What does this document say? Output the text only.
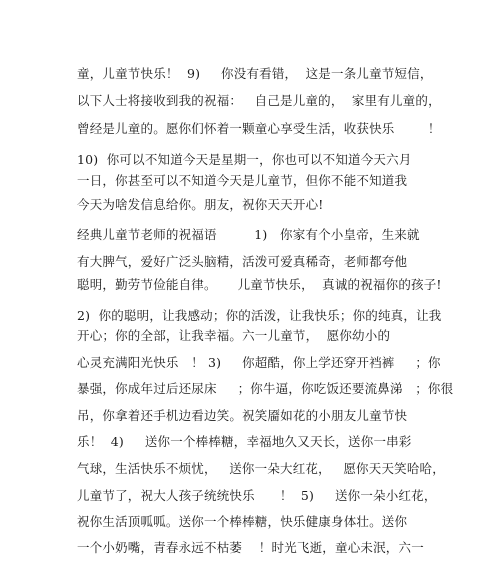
童，儿童节快乐！  9)     你没有看错，  这是一条儿童节短信，
以下人士将接收到我的祝福：   自己是儿童的，  家里有儿童的，
曾经是儿童的。愿你们怀着一颗童心享受生活，收获快乐        ！
10)  你可以不知道今天是星期一，你也可以不知道今天六月
一日，你甚至可以不知道今天是儿童节，但你不能不知道我
今天为啥发信息给你。朋友，祝你天天开心!
经典儿童节老师的祝福语         1)   你家有个小皇帝，生来就
有大脾气，爱好广泛头脑精，活泼可爱真稀奇，老师都夸他
聪明，勤劳节俭能自律。     儿童节快乐，  真诚的祝福你的孩子!
2)  你的聪明，让我感动；你的活泼，让我快乐；你的纯真，让我
开心；你的全部，让我幸福。六一儿童节，  愿你幼小的
心灵充满阳光快乐   ！ 3)     你超酷，你上学还穿开裆裤     ；你
暴强，你成年过后还尿床     ；你牛逼，你吃饭还要流鼻涕   ；你很
吊，你拿着还手机边看边笑。祝笑靥如花的小朋友儿童节快
乐！  4)     送你一个棒棒糖，幸福地久又天长，送你一串彩
气球，生活快乐不烦忧，   送你一朵大红花，   愿你天天笑哈哈，
儿童节了，祝大人孩子统统快乐      ！  5)     送你一朵小红花，
祝你生活顶呱呱。送你一个棒棒糖，快乐健康身体壮。送你
一个小奶嘴，青春永远不枯萎    ！时光飞逝，童心未泯，六一
